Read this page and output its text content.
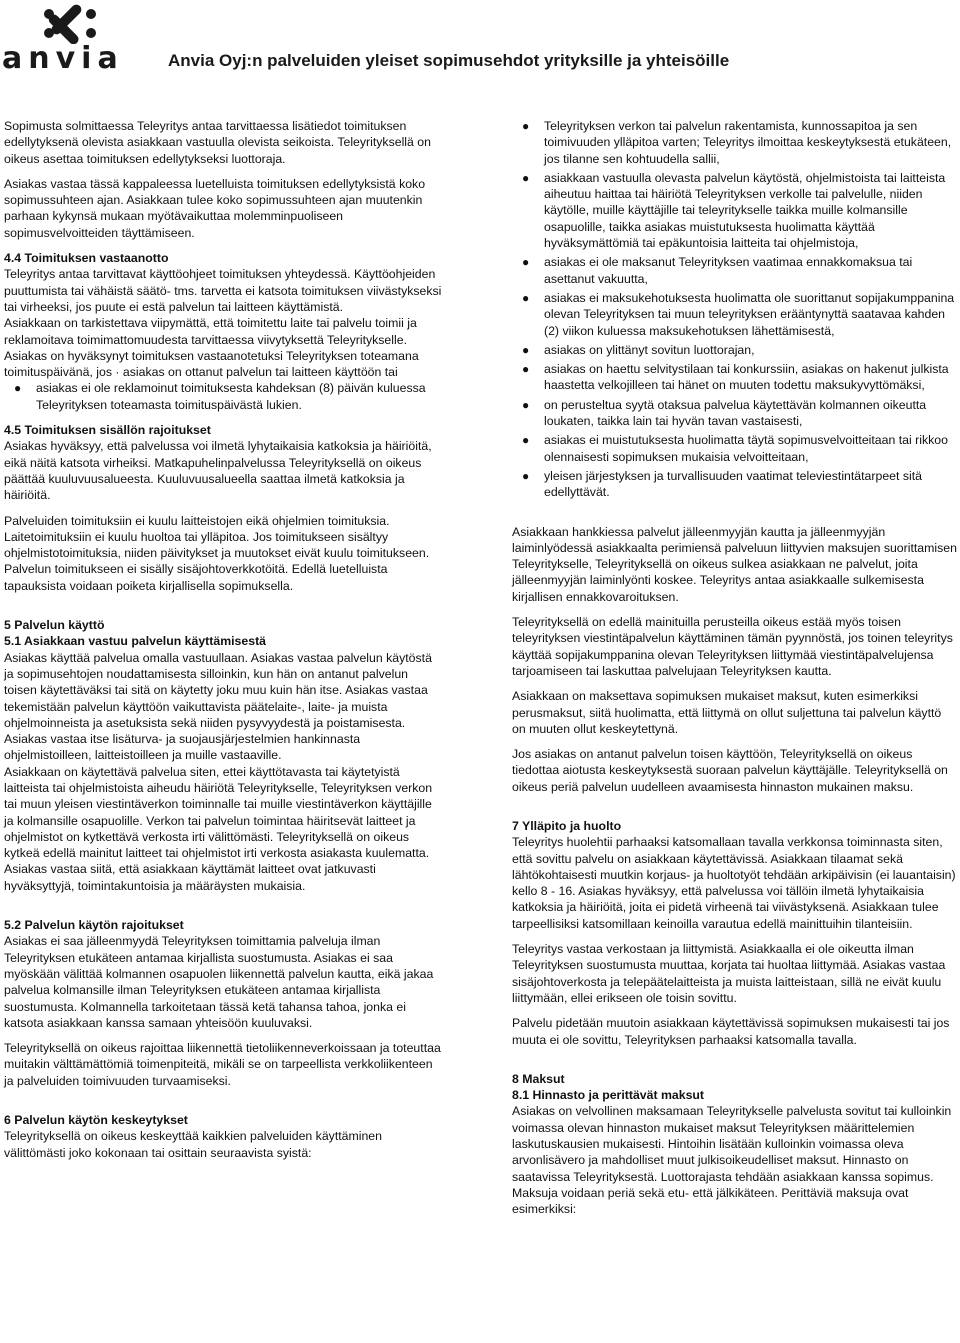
anvia	Anvia Oyj:n palveluiden yleiset sopimusehdot yrityksille ja yhteisöille

Sopimusta solmittaessa Teleyritys antaa tarvittaessa lisätiedot toimituksen edellytyksenä olevista asiakkaan vastuulla olevista seikoista. Teleyrityksellä on oikeus asettaa toimituksen edellytykseksi luottoraja.

Asiakas vastaa tässä kappaleessa luetelluista toimituksen edellytyksistä koko sopimussuhteen ajan. Asiakkaan tulee koko sopimussuhteen ajan muutenkin parhaan kykynsä mukaan myötävaikuttaa molemminpuoliseen sopimusvelvoitteiden täyttämiseen.

4.4 Toimituksen vastaanotto

Teleyritys antaa tarvittavat käyttöohjeet toimituksen yhteydessä. Käyttöohjeiden puuttumista tai vähäistä säätö- tms. tarvetta ei katsota toimituksen viivästykseksi tai virheeksi, jos puute ei estä palvelun tai laitteen käyttämistä.

Asiakkaan on tarkistettava viipymättä, että toimitettu laite tai palvelu toimii ja reklamoitava toimimattomuudesta tarvittaessa viivytyksettä Teleyritykselle.

Asiakas on hyväksynyt toimituksen vastaanotetuksi Teleyrityksen toteamana toimituspäivänä, jos · asiakas on ottanut palvelun tai laitteen käyttöön tai

● asiakas ei ole reklamoinut toimituksesta kahdeksan (8) päivän kuluessa Teleyrityksen toteamasta toimituspäivästä lukien.
4.5 Toimituksen sisällön rajoitukset

Asiakas hyväksyy, että palvelussa voi ilmetä lyhytaikaisia katkoksia ja häiriöitä, eikä näitä katsota virheiksi. Matkapuhelinpalvelussa Teleyrityksellä on oikeus päättää kuuluvuusalueesta. Kuuluvuusalueella saattaa ilmetä katkoksia ja häiriöitä.

Palveluiden toimituksiin ei kuulu laitteistojen eikä ohjelmien toimituksia. Laitetoimituksiin ei kuulu huoltoa tai ylläpitoa. Jos toimitukseen sisältyy ohjelmistotoimituksia, niiden päivitykset ja muutokset eivät kuulu toimitukseen. Palvelun toimitukseen ei sisälly sisäjohtoverkkotöitä. Edellä luetelluista tapauksista voidaan poiketa kirjallisella sopimuksella.

5 Palvelun käyttö
5.1 Asiakkaan vastuu palvelun käyttämisestä

Asiakas käyttää palvelua omalla vastuullaan. Asiakas vastaa palvelun käytöstä ja sopimusehtojen noudattamisesta silloinkin, kun hän on antanut palvelun toisen käytettäväksi tai sitä on käytetty joku muu kuin hän itse. Asiakas vastaa tekemistään palvelun käyttöön vaikuttavista päätelaite-, laite- ja muista ohjelmoinneista ja asetuksista sekä niiden pysyvyydestä ja poistamisesta. Asiakas vastaa itse lisäturva- ja suojausjärjestelmien hankinnasta ohjelmistoilleen, laitteistoilleen ja muille vastaaville.

Asiakkaan on käytettävä palvelua siten, ettei käyttötavasta tai käytetyistä laitteista tai ohjelmistoista aiheudu häiriötä Teleyritykselle, Teleyrityksen verkon tai muun yleisen viestintäverkon toiminnalle tai muille viestintäverkon käyttäjille ja kolmansille osapuolille. Verkon tai palvelun toimintaa häiritsevät laitteet ja ohjelmistot on kytkettävä verkosta irti välittömästi. Teleyrityksellä on oikeus kytkeä edellä mainitut laitteet tai ohjelmistot irti verkosta asiakasta kuulematta. Asiakas vastaa siitä, että asiakkaan käyttämät laitteet ovat jatkuvasti hyväksyttyjä, toimintakuntoisia ja määräysten mukaisia.

5.2 Palvelun käytön rajoitukset

Asiakas ei saa jälleenmyydä Teleyrityksen toimittamia palveluja ilman Teleyrityksen etukäteen antamaa kirjallista suostumusta. Asiakas ei saa myöskään välittää kolmannen osapuolen liikennettä palvelun kautta, eikä jakaa palvelua kolmansille ilman Teleyrityksen etukäteen antamaa kirjallista suostumusta. Kolmannella tarkoitetaan tässä ketä tahansa tahoa, jonka ei katsota asiakkaan kanssa samaan yhteisöön kuuluvaksi.

Teleyrityksellä on oikeus rajoittaa liikennettä tietoliikenneverkoissaan ja toteuttaa muitakin välttämättömiä toimenpiteitä, mikäli se on tarpeellista verkkoliikenteen ja palveluiden toimivuuden turvaamiseksi.

6 Palvelun käytön keskeytykset

Teleyrityksellä on oikeus keskeyttää kaikkien palveluiden käyttäminen välittömästi joko kokonaan tai osittain seuraavista syistä:

● Teleyrityksen verkon tai palvelun rakentamista, kunnossapitoa ja sen toimivuuden ylläpitoa varten; Teleyritys ilmoittaa keskeytyksestä etukäteen, jos tilanne sen kohtuudella sallii,
● asiakkaan vastuulla olevasta palvelun käytöstä, ohjelmistoista tai laitteista aiheutuu haittaa tai häiriötä Teleyrityksen verkolle tai palvelulle, niiden käytölle, muille käyttäjille tai teleyritykselle taikka muille kolmansille osapuolille, taikka asiakas muistutuksesta huolimatta käyttää hyväksymättömiä tai epäkuntoisia laitteita tai ohjelmistoja,
● asiakas ei ole maksanut Teleyrityksen vaatimaa ennakkomaksua tai asettanut vakuutta,
● asiakas ei maksukehotuksesta huolimatta ole suorittanut sopijakumppanina olevan Teleyrityksen tai muun teleyrityksen erääntynyttä saatavaa kahden (2) viikon kuluessa maksukehotuksen lähettämisestä,
● asiakas on ylittänyt sovitun luottorajan,
● asiakas on haettu selvitystilaan tai konkurssiin, asiakas on hakenut julkista haastetta velkojilleen tai hänet on muuten todettu maksukyvyttömäksi,
● on perusteltua syytä otaksua palvelua käytettävän kolmannen oikeutta loukaten, taikka lain tai hyvän tavan vastaisesti,
● asiakas ei muistutuksesta huolimatta täytä sopimusvelvoitteitaan tai rikkoo olennaisesti sopimuksen mukaisia velvoitteitaan,
● yleisen järjestyksen ja turvallisuuden vaatimat televiestintätarpeet sitä edellyttävät.

Asiakkaan hankkiessa palvelut jälleenmyyjän kautta ja jälleenmyyjän laiminlyödessä asiakkaalta perimiensä palveluun liittyvien maksujen suorittamisen Teleyritykselle, Teleyrityksellä on oikeus sulkea asiakkaan ne palvelut, joita jälleenmyyjän laiminlyönti koskee. Teleyritys antaa asiakkaalle sulkemisesta kirjallisen ennakkovaroituksen.

Teleyrityksellä on edellä mainituilla perusteilla oikeus estää myös toisen teleyrityksen viestintäpalvelun käyttäminen tämän pyynnöstä, jos toinen teleyritys käyttää sopijakumppanina olevan Teleyrityksen liittymää viestintäpalvelujensa tarjoamiseen tai laskuttaa palvelujaan Teleyrityksen kautta.

Asiakkaan on maksettava sopimuksen mukaiset maksut, kuten esimerkiksi perusmaksut, siitä huolimatta, että liittymä on ollut suljettuna tai palvelun käyttö on muuten ollut keskeytettynä.

Jos asiakas on antanut palvelun toisen käyttöön, Teleyrityksellä on oikeus tiedottaa aiotusta keskeytyksestä suoraan palvelun käyttäjälle. Teleyrityksellä on oikeus periä palvelun uudelleen avaamisesta hinnaston mukainen maksu.

7 Ylläpito ja huolto

Teleyritys huolehtii parhaaksi katsomallaan tavalla verkkonsa toiminnasta siten, että sovittu palvelu on asiakkaan käytettävissä. Asiakkaan tilaamat sekä lähtökohtaisesti muutkin korjaus- ja huoltotyöt tehdään arkipäivisin (ei lauantaisin) kello 8 - 16. Asiakas hyväksyy, että palvelussa voi tällöin ilmetä lyhytaikaisia katkoksia ja häiriöitä, joita ei pidetä virheenä tai viivästyksenä. Asiakkaan tulee tarpeellisiksi katsomillaan keinoilla varautua edellä mainittuihin tilanteisiin.

Teleyritys vastaa verkostaan ja liittymistä. Asiakkaalla ei ole oikeutta ilman Teleyrityksen suostumusta muuttaa, korjata tai huoltaa liittymää. Asiakas vastaa sisäjohtoverkosta ja telepäätelaitteista ja muista laitteistaan, sillä ne eivät kuulu liittymään, ellei erikseen ole toisin sovittu.

Palvelu pidetään muutoin asiakkaan käytettävissä sopimuksen mukaisesti tai jos muuta ei ole sovittu, Teleyrityksen parhaaksi katsomalla tavalla.

8 Maksut
8.1 Hinnasto ja perittävät maksut

Asiakas on velvollinen maksamaan Teleyritykselle palvelusta sovitut tai kulloinkin voimassa olevan hinnaston mukaiset maksut Teleyrityksen määrittelemien laskutuskausien mukaisesti. Hintoihin lisätään kulloinkin voimassa oleva arvonlisävero ja mahdolliset muut julkisoikeudelliset maksut. Hinnasto on saatavissa Teleyrityksestä. Luottorajasta tehdään asiakkaan kanssa sopimus.

Maksuja voidaan periä sekä etu- että jälkikäteen. Perittäviä maksuja ovat esimerkiksi:
